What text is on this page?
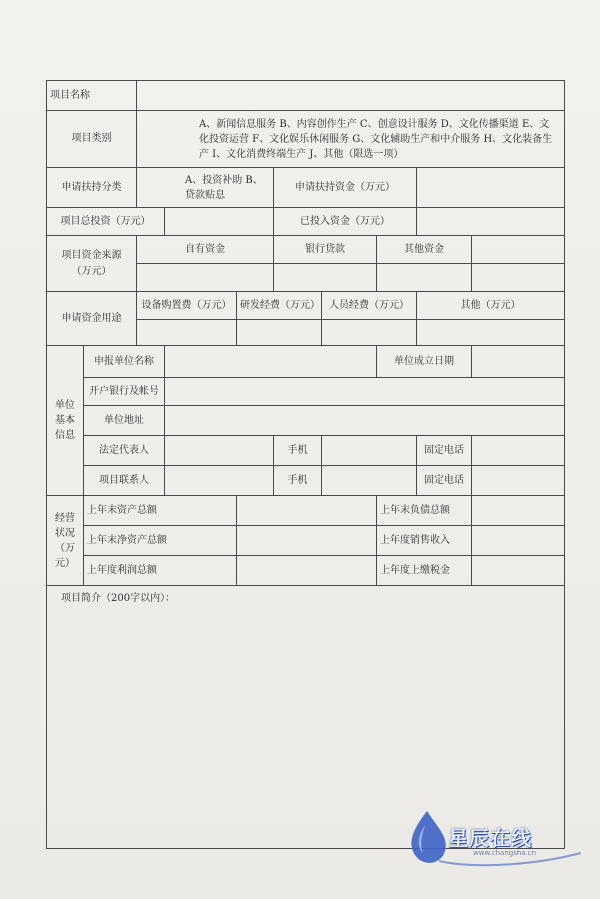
项目名称									
项目类别		A、新闻信息服务 B、内容创作生产 C、创意设计服务 D、文化传播渠道 E、文化投资运营 F、文化娱乐休闲服务 G、文化辅助生产和中介服务 H、文化装备生产 I、文化消费终端生产 J、其他（限选一项）							
申请扶持分类		A、投资补助 B、贷款贴息			申请扶持资金（万元）				
项目总投资（万元）					已投入资金（万元）				
项目资金来源（万元）		自有资金			银行贷款		其他资金		

申请资金用途		设备购置费（万元）		研发经费（万元）		人员经费（万元）		其他（万元）	

单位基本信息	申报单位名称						单位成立日期		
	开户银行及帐号								
	单位地址								
	法定代表人				手机			固定电话	
	项目联系人				手机			固定电话	
经营状况（万元）	上年末资产总额						上年末负债总额		
	上年末净资产总额						上年度销售收入		
	上年度利润总额						上年度上缴税金		
项目简介（200字以内）：									
星辰在线
www.changsha.cn
